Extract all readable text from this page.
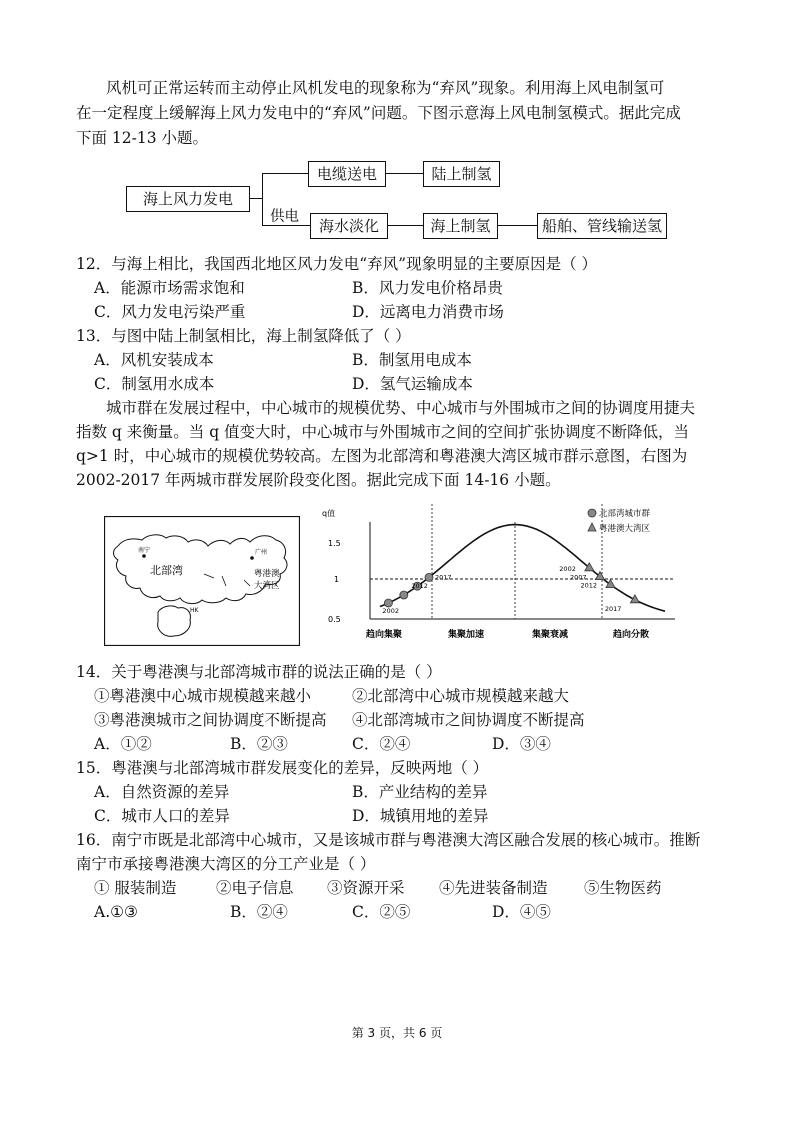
风机可正常运转而主动停止风机发电的现象称为“弃风”现象。利用海上风电制氢可
在一定程度上缓解海上风力发电中的“弃风”问题。下图示意海上风电制氢模式。据此完成
下面 12-13 小题。
海上风力发电
供电
电缆送电	陆上制氢
海水淡化	海上制氢	船舶、管线输送氢
12．与海上相比，我国西北地区风力发电“弃风”现象明显的主要原因是（ ）
A．能源市场需求饱和	B．风力发电价格昂贵
C．风力发电污染严重	D．远离电力消费市场
13．与图中陆上制氢相比，海上制氢降低了（ ）
A．风机安装成本	B．制氢用电成本
C．制氢用水成本	D．氢气运输成本
城市群在发展过程中，中心城市的规模优势、中心城市与外围城市之间的协调度用捷夫
指数 q 来衡量。当 q 值变大时，中心城市与外围城市之间的空间扩张协调度不断降低，当
q>1 时，中心城市的规模优势较高。左图为北部湾和粤港澳大湾区城市群示意图，右图为
2002-2017 年两城市群发展阶段变化图。据此完成下面 14-16 小题。
南宁
北部湾
广州
粤港澳
大湾区
HK
q值
1.5
1
0.5
趋向集聚	集聚加速	集聚衰减	趋向分散
北部湾城市群
粤港澳大湾区
2002
2012
2017
2002
2007
2012
2017
14．关于粤港澳与北部湾城市群的说法正确的是（ ）
①粤港澳中心城市规模越来越小	②北部湾中心城市规模越来越大
③粤港澳城市之间协调度不断提高 ④北部湾城市之间协调度不断提高
A．①②	B．②③	C．②④	D．③④
15．粤港澳与北部湾城市群发展变化的差异，反映两地（ ）
A．自然资源的差异	B．产业结构的差异
C．城市人口的差异	D．城镇用地的差异
16．南宁市既是北部湾中心城市，又是该城市群与粤港澳大湾区融合发展的核心城市。推断
南宁市承接粤港澳大湾区的分工产业是（ ）
① 服装制造	②电子信息 ③资源开采 ④先进装备制造 ⑤生物医药
A.①③	B．②④	C．②⑤	D．④⑤
第 3 页，共 6 页
